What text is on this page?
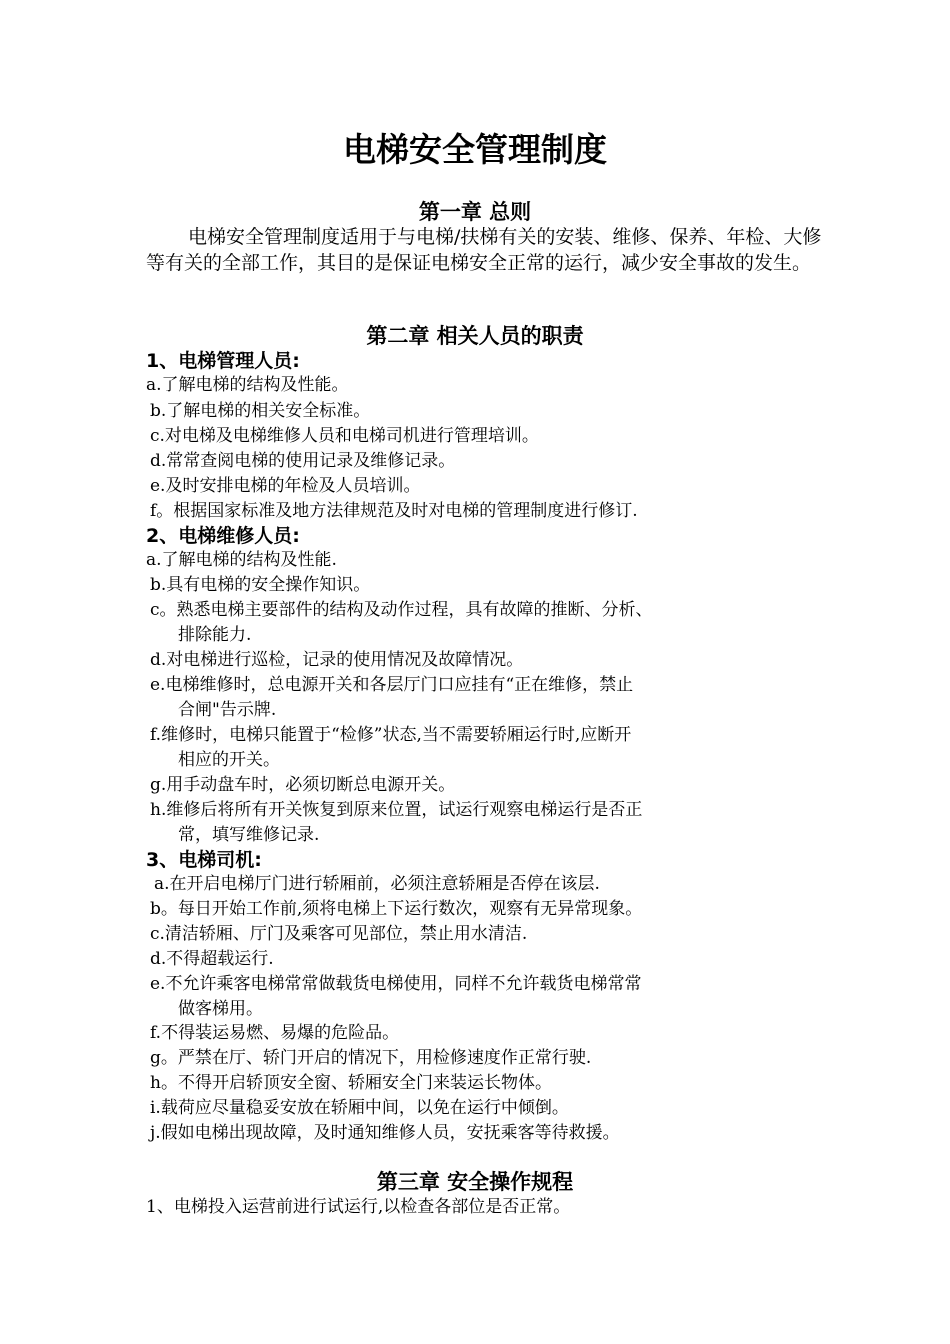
电梯安全管理制度
第一章 总则

电梯安全管理制度适用于与电梯/扶梯有关的安装、维修、保养、年检、大修等有关的全部工作，其目的是保证电梯安全正常的运行，减少安全事故的发生。

第二章 相关人员的职责
1、电梯管理人员:
a.了解电梯的结构及性能。
b.了解电梯的相关安全标准。
c.对电梯及电梯维修人员和电梯司机进行管理培训。
d.常常查阅电梯的使用记录及维修记录。
e.及时安排电梯的年检及人员培训。
f。根据国家标准及地方法律规范及时对电梯的管理制度进行修订.
2、电梯维修人员:
a.了解电梯的结构及性能.
b.具有电梯的安全操作知识。
c。熟悉电梯主要部件的结构及动作过程，具有故障的推断、分析、
排除能力.
d.对电梯进行巡检，记录的使用情况及故障情况。
e.电梯维修时，总电源开关和各层厅门口应挂有“正在维修，禁止
合闸"告示牌.
f.维修时，电梯只能置于“检修”状态,当不需要轿厢运行时,应断开
相应的开关。
g.用手动盘车时，必须切断总电源开关。
h.维修后将所有开关恢复到原来位置，试运行观察电梯运行是否正
常，填写维修记录.
3、电梯司机:
a.在开启电梯厅门进行轿厢前，必须注意轿厢是否停在该层.
b。每日开始工作前,须将电梯上下运行数次，观察有无异常现象。
c.清洁轿厢、厅门及乘客可见部位，禁止用水清洁.
d.不得超载运行.
e.不允许乘客电梯常常做载货电梯使用，同样不允许载货电梯常常
做客梯用。
f.不得装运易燃、易爆的危险品。
g。严禁在厅、轿门开启的情况下，用检修速度作正常行驶.
h。不得开启轿顶安全窗、轿厢安全门来装运长物体。
i.载荷应尽量稳妥安放在轿厢中间，以免在运行中倾倒。
j.假如电梯出现故障，及时通知维修人员，安抚乘客等待救援。
第三章 安全操作规程
1、电梯投入运营前进行试运行,以检查各部位是否正常。
